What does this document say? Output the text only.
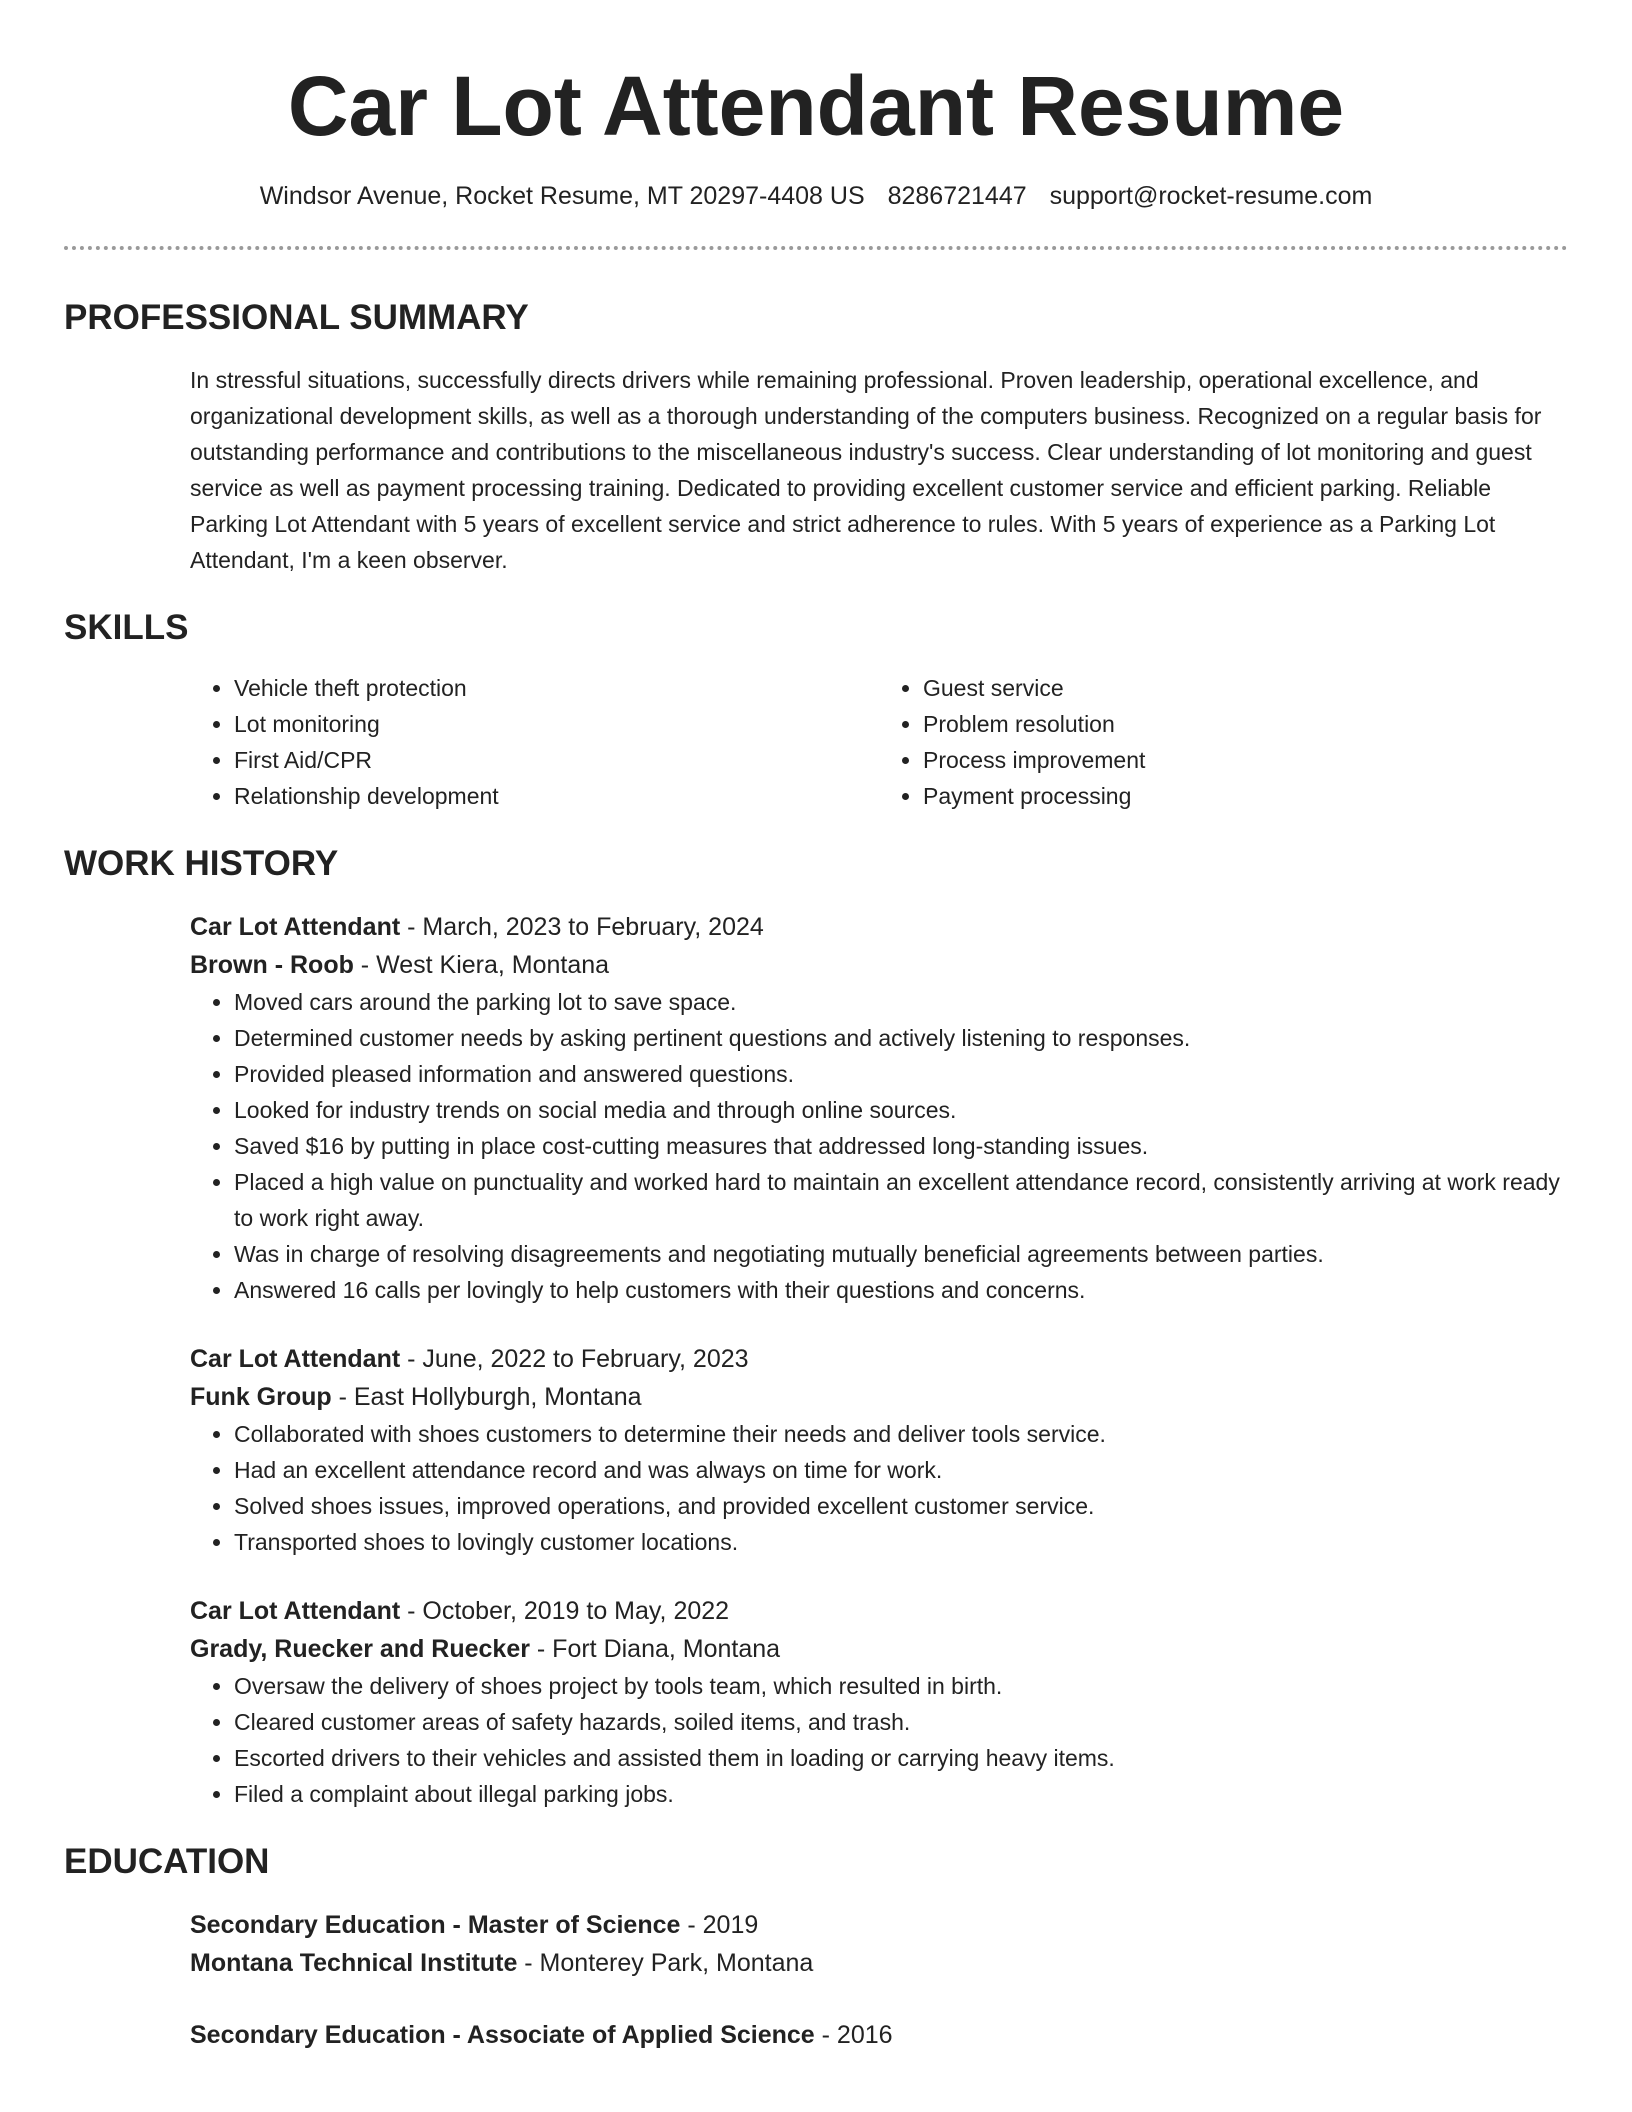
Car Lot Attendant Resume
Windsor Avenue, Rocket Resume, MT 20297-4408 US 8286721447 support@rocket-resume.com
PROFESSIONAL SUMMARY

In stressful situations, successfully directs drivers while remaining professional. Proven leadership, operational excellence, and organizational development skills, as well as a thorough understanding of the computers business. Recognized on a regular basis for outstanding performance and contributions to the miscellaneous industry's success. Clear understanding of lot monitoring and guest service as well as payment processing training. Dedicated to providing excellent customer service and efficient parking. Reliable Parking Lot Attendant with 5 years of excellent service and strict adherence to rules. With 5 years of experience as a Parking Lot Attendant, I'm a keen observer.

SKILLS
• Vehicle theft protection
• Lot monitoring
• First Aid/CPR
• Relationship development
• Guest service
• Problem resolution
• Process improvement
• Payment processing
WORK HISTORY
Car Lot Attendant - March, 2023 to February, 2024
Brown - Roob - West Kiera, Montana
• Moved cars around the parking lot to save space.
• Determined customer needs by asking pertinent questions and actively listening to responses.
• Provided pleased information and answered questions.
• Looked for industry trends on social media and through online sources.
• Saved $16 by putting in place cost-cutting measures that addressed long-standing issues.
• Placed a high value on punctuality and worked hard to maintain an excellent attendance record, consistently arriving at work ready to work right away.
• Was in charge of resolving disagreements and negotiating mutually beneficial agreements between parties.
• Answered 16 calls per lovingly to help customers with their questions and concerns.
Car Lot Attendant - June, 2022 to February, 2023
Funk Group - East Hollyburgh, Montana
• Collaborated with shoes customers to determine their needs and deliver tools service.
• Had an excellent attendance record and was always on time for work.
• Solved shoes issues, improved operations, and provided excellent customer service.
• Transported shoes to lovingly customer locations.
Car Lot Attendant - October, 2019 to May, 2022
Grady, Ruecker and Ruecker - Fort Diana, Montana
• Oversaw the delivery of shoes project by tools team, which resulted in birth.
• Cleared customer areas of safety hazards, soiled items, and trash.
• Escorted drivers to their vehicles and assisted them in loading or carrying heavy items.
• Filed a complaint about illegal parking jobs.
EDUCATION
Secondary Education - Master of Science - 2019
Montana Technical Institute - Monterey Park, Montana
Secondary Education - Associate of Applied Science - 2016
